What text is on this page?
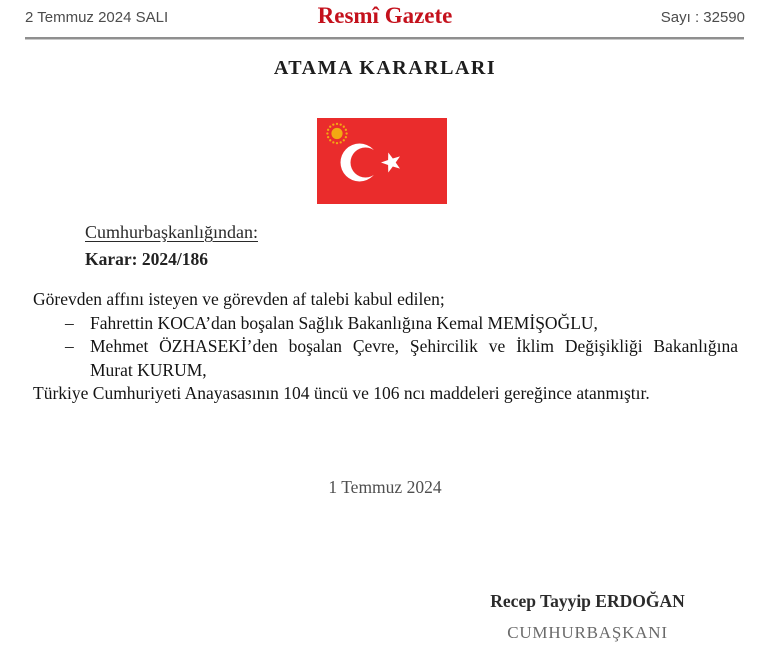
2 Temmuz 2024 SALI	Resmî Gazete	Sayı : 32590
ATAMA KARARLARI
Cumhurbaşkanlığından:
Karar: 2024/186
Görevden affını isteyen ve görevden af talebi kabul edilen;
– Fahrettin KOCA’dan boşalan Sağlık Bakanlığına Kemal MEMİŞOĞLU,
– Mehmet ÖZHASEKİ’den boşalan Çevre, Şehircilik ve İklim Değişikliği Bakanlığına
Murat KURUM,
Türkiye Cumhuriyeti Anayasasının 104 üncü ve 106 ncı maddeleri gereğince atanmıştır.
1 Temmuz 2024
Recep Tayyip ERDOĞAN
CUMHURBAŞKANI
